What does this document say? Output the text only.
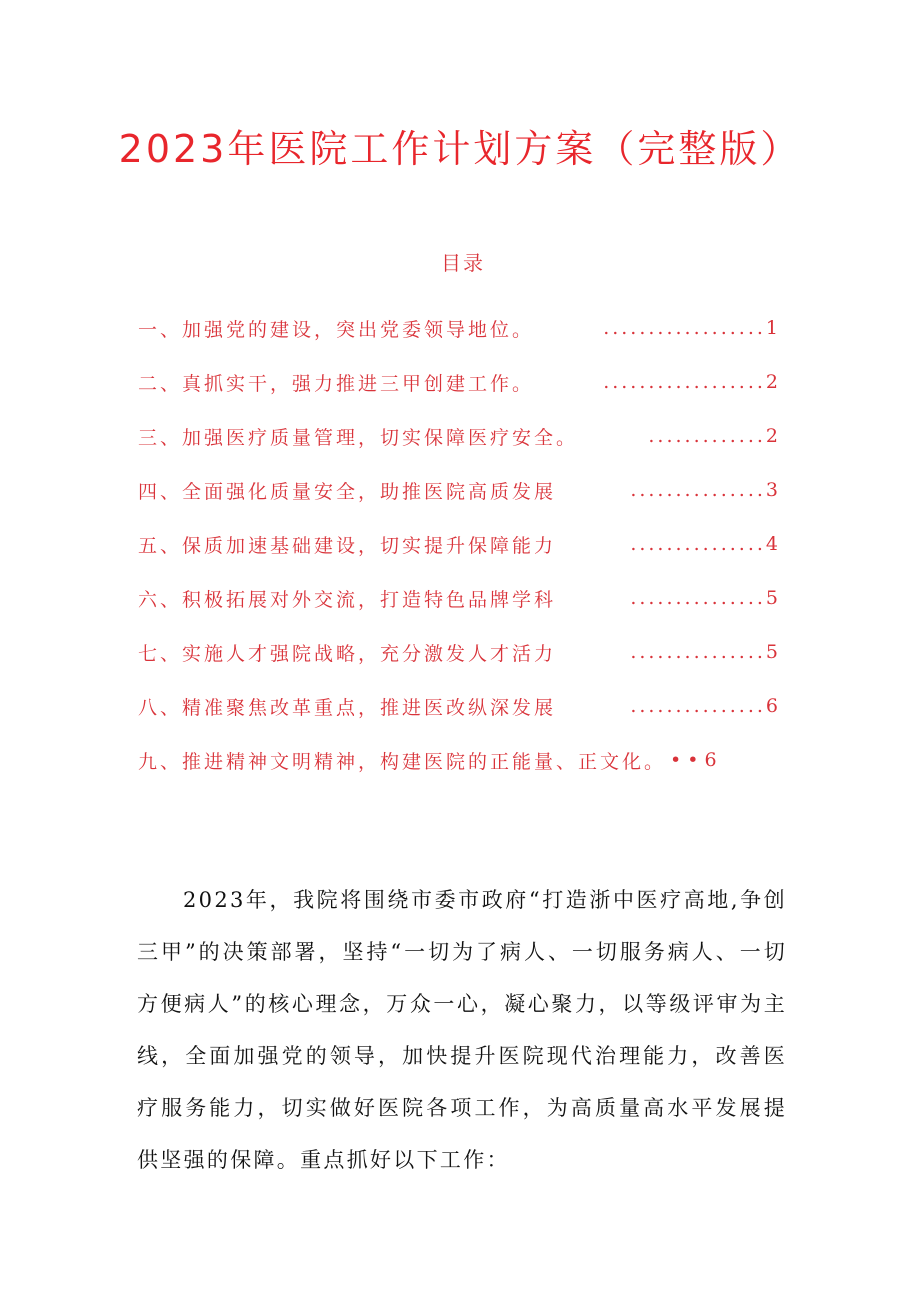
2023年医院工作计划方案（完整版）
目录
一、加强党的建设，突出党委领导地位。	.................. 1
二、真抓实干，强力推进三甲创建工作。	.................. 2
三、加强医疗质量管理，切实保障医疗安全。	............. 2
四、全面强化质量安全，助推医院高质发展	............... 3
五、保质加速基础建设，切实提升保障能力	............... 4
六、积极拓展对外交流，打造特色品牌学科	............... 5
七、实施人才强院战略，充分激发人才活力	............... 5
八、精准聚焦改革重点，推进医改纵深发展	............... 6
九、推进精神文明精神，构建医院的正能量、正文化。 •• 6

2023年，我院将围绕市委市政府“打造浙中医疗高地,争创三甲”的决策部署，坚持“一切为了病人、一切服务病人、一切方便病人”的核心理念，万众一心，凝心聚力，以等级评审为主线，全面加强党的领导，加快提升医院现代治理能力，改善医疗服务能力，切实做好医院各项工作，为高质量高水平发展提供坚强的保障。重点抓好以下工作：
